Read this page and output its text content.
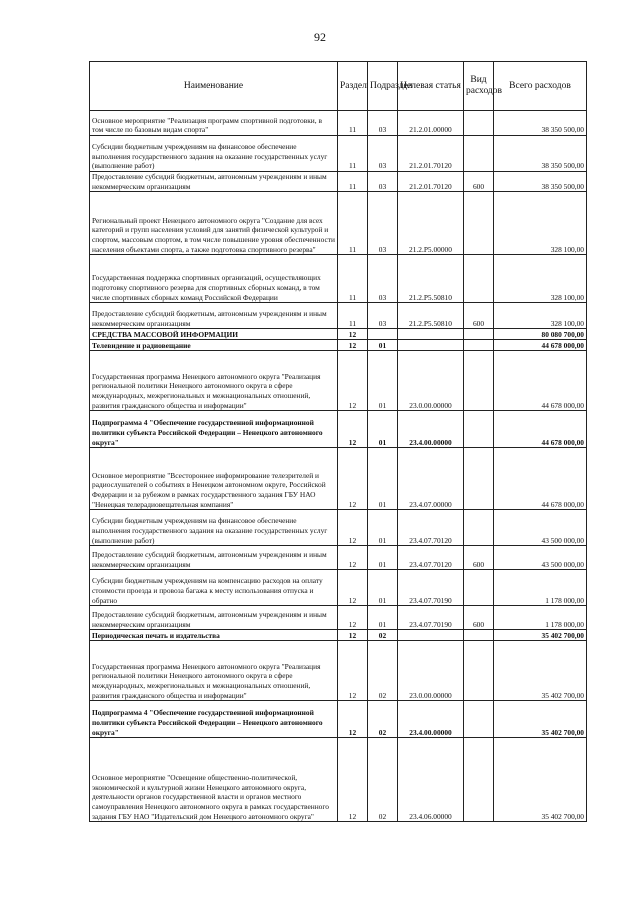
92
Наименование	Раздел	Подраздел	Целевая статья	Вид расходов	Всего расходов
Основное мероприятие "Реализация программ спортивной подготовки, в том числе по базовым видам спорта"	11	03	21.2.01.00000		38 350 500,00
Субсидии бюджетным учреждениям на финансовое обеспечение выполнения государственного задания на оказание государственных услуг (выполнение работ)	11	03	21.2.01.70120		38 350 500,00
Предоставление субсидий бюджетным, автономным учреждениям и иным некоммерческим организациям	11	03	21.2.01.70120	600	38 350 500,00
Региональный проект Ненецкого автономного округа "Создание для всех категорий и групп населения условий для занятий физической культурой и спортом, массовым спортом, в том числе повышение уровня обеспеченности населения объектами спорта, а также подготовка спортивного резерва"	11	03	21.2.P5.00000		328 100,00
Государственная поддержка спортивных организаций, осуществляющих подготовку спортивного резерва для спортивных сборных команд, в том числе спортивных сборных команд Российской Федерации	11	03	21.2.P5.50810		328 100,00
Предоставление субсидий бюджетным, автономным учреждениям и иным некоммерческим организациям	11	03	21.2.P5.50810	600	328 100,00
СРЕДСТВА МАССОВОЙ ИНФОРМАЦИИ	12				80 080 700,00
Телевидение и радиовещание	12	01			44 678 000,00
Государственная программа Ненецкого автономного округа "Реализация региональной политики Ненецкого автономного округа в сфере международных, межрегиональных и межнациональных отношений, развития гражданского общества и информации"	12	01	23.0.00.00000		44 678 000,00
Подпрограмма 4 "Обеспечение государственной информационной политики субъекта Российской Федерации – Ненецкого автономного округа"	12	01	23.4.00.00000		44 678 000,00
Основное мероприятие "Всестороннее информирование телезрителей и радиослушателей о событиях в Ненецком автономном округе, Российской Федерации и за рубежом в рамках государственного задания ГБУ НАО "Ненецкая телерадиовещательная компания"	12	01	23.4.07.00000		44 678 000,00
Субсидии бюджетным учреждениям на финансовое обеспечение выполнения государственного задания на оказание государственных услуг (выполнение работ)	12	01	23.4.07.70120		43 500 000,00
Предоставление субсидий бюджетным, автономным учреждениям и иным некоммерческим организациям	12	01	23.4.07.70120	600	43 500 000,00
Субсидии бюджетным учреждениям на компенсацию расходов на оплату стоимости проезда и провоза багажа к месту использования отпуска и обратно	12	01	23.4.07.70190		1 178 000,00
Предоставление субсидий бюджетным, автономным учреждениям и иным некоммерческим организациям	12	01	23.4.07.70190	600	1 178 000,00
Периодическая печать и издательства	12	02			35 402 700,00
Государственная программа Ненецкого автономного округа "Реализация региональной политики Ненецкого автономного округа в сфере международных, межрегиональных и межнациональных отношений, развития гражданского общества и информации"	12	02	23.0.00.00000		35 402 700,00
Подпрограмма 4 "Обеспечение государственной информационной политики субъекта Российской Федерации – Ненецкого автономного округа"	12	02	23.4.00.00000		35 402 700,00
Основное мероприятие "Освещение общественно-политической, экономической и культурной жизни Ненецкого автономного округа, деятельности органов государственной власти и органов местного самоуправления Ненецкого автономного округа в рамках государственного задания ГБУ НАО "Издательский дом Ненецкого автономного округа"	12	02	23.4.06.00000		35 402 700,00
